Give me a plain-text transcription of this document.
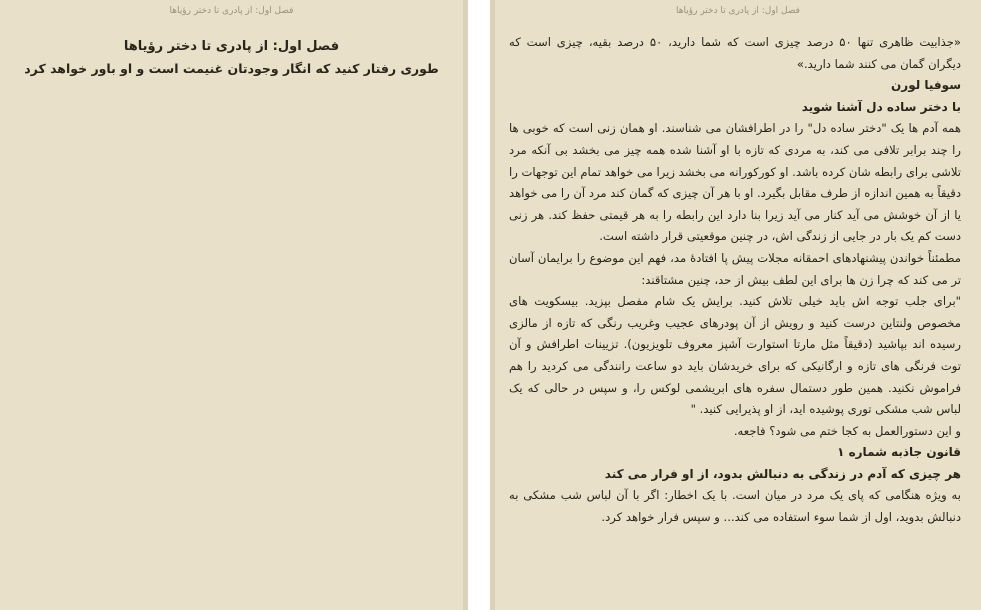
فصل اول: از پادری تا دختر رؤیاها
فصل اول: از پادری تا دختر رؤیاها
طوری رفتار کنید که انگار وجودتان غنیمت است و او باور خواهد کرد
فصل اول: از پادری تا دختر رؤیاها

«جذابیت ظاهری تنها ۵۰ درصد چیزی است که شما دارید، ۵۰ درصد بقیه، چیزی است که دیگران گمان می کنند شما دارید.»

سوفیا لورن

با دختر ساده دل آشنا شوید

همه آدم ها یک "دختر ساده دل" را در اطرافشان می شناسند. او همان زنی است که خوبی ها را چند برابر تلافی می کند، به مردی که تازه با او آشنا شده همه چیز می بخشد بی آنکه مرد تلاشی برای رابطه شان کرده باشد. او کورکورانه می بخشد زیرا می خواهد تمام این توجهات را دقیقاً به همین اندازه از طرف مقابل بگیرد. او با هر آن چیزی که گمان کند مرد آن را می خواهد یا از آن خوشش می آید کنار می آید زیرا بنا دارد این رابطه را به هر قیمتی حفظ کند. هر زنی دست کم یک بار در جایی از زندگی اش، در چنین موقعیتی قرار داشته است.

مطمئناً خواندن پیشنهادهای احمقانه مجلات پیش پا افتادهٔ مد، فهم این موضوع را برایمان آسان تر می کند که چرا زن ها برای این لطف بیش از حد، چنین مشتاقند:

"برای جلب توجه اش باید خیلی تلاش کنید. برایش یک شام مفصل بپزید. بیسکویت های مخصوص ولنتاین درست کنید و رویش از آن پودرهای عجیب وغریب رنگی که تازه از مالزی رسیده اند بپاشید (دقیقاً مثل مارتا استوارت آشپز معروف تلویزیون). تزیینات اطرافش و آن توت فرنگی های تازه و ارگانیکی که برای خریدشان باید دو ساعت رانندگی می کردید را هم فراموش نکنید. همین طور دستمال سفره های ابریشمی لوکس را، و سپس در حالی که یک لباس شب مشکی توری پوشیده اید، از او پذیرایی کنید. "

و این دستورالعمل به کجا ختم می شود؟ فاجعه.

قانون جاذبه شماره ۱

هر چیزی که آدم در زندگی به دنبالش بدود، از او فرار می کند

به ویژه هنگامی که پای یک مرد در میان است. با یک اخطار: اگر با آن لباس شب مشکی به دنبالش بدوید، اول از شما سوء استفاده می کند... و سپس فرار خواهد کرد.
